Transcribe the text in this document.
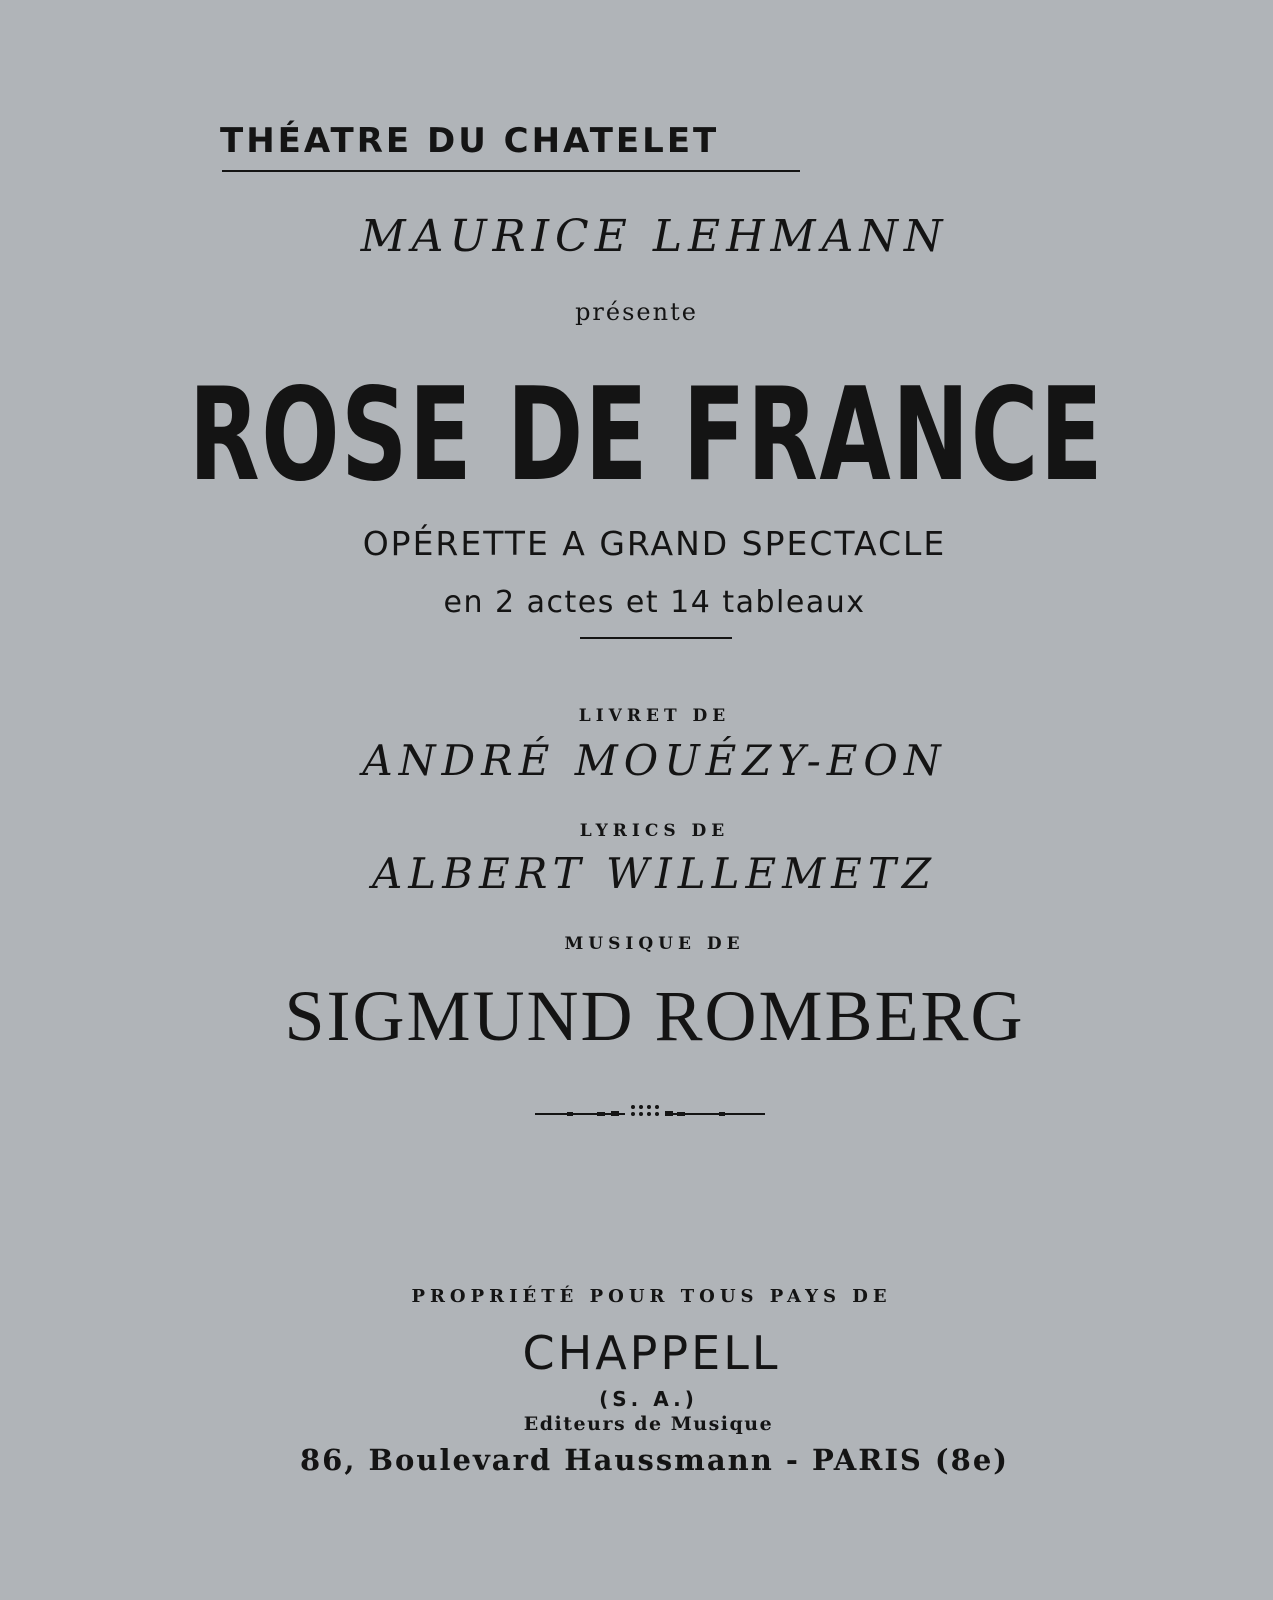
THÉATRE DU CHATELET
MAURICE LEHMANN
présente
ROSE DE FRANCE
OPÉRETTE A GRAND SPECTACLE
en 2 actes et 14 tableaux
LIVRET DE
ANDRÉ MOUÉZY-EON
LYRICS DE
ALBERT WILLEMETZ
MUSIQUE DE
SIGMUND ROMBERG
PROPRIÉTÉ POUR TOUS PAYS DE
CHAPPELL
(S. A.)
Editeurs de Musique
86, Boulevard Haussmann - PARIS (8e)
